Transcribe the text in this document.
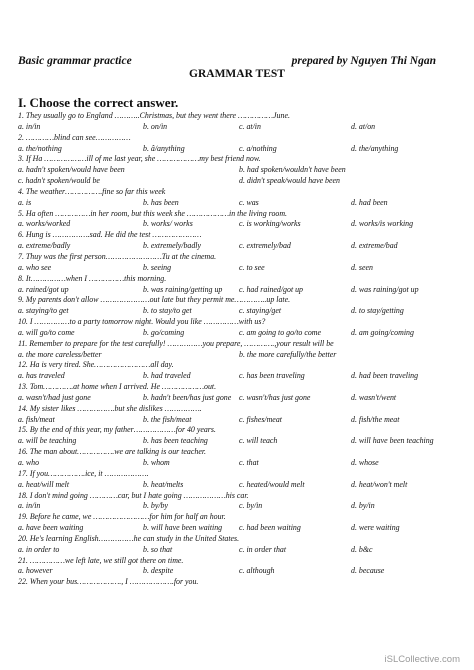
Basic grammar practice	prepared by Nguyen Thi Ngan
GRAMMAR TEST
I. Choose the correct answer.
1. They usually go to England ………..Christmas, but they went there ……………June.
a. in/in	b. on/in	c. at/in	d. at/on
2. …………blind can see……………
a. the/nothing	b. â/anything	c. a/nothing	d. the/anything
3. If Ha ………………ill of me last year, she ………………my best friend now.
a. hadn't spoken/would have been	b. had spoken/wouldn't have been
c. hadn't spoken/would be	d. didn't speak/would have been
4. The weather…………….fine so far this week
a. is	b. has been	c. was	d. had been
5. Ha often ……………in her room, but this week she ………………in the living room.
a. works/worked	b. works/ works	c. is working/works	d. works/is working
6. Hung is …………….sad. He did the test …………………
a. extreme/badly	b. extremely/badly	c. extremely/bad	d. extreme/bad
7. Thuy was the first person……………………Tu at the cinema.
a. who see	b. seeing	c. to see	d. seen
8. It……………when I ……………this morning.
a. rained/got up	b. was raining/getting up	c. had rained/got up	d. was raining/got up
9. My parents don't allow …………………out late but they permit me…………..up late.
a. staying/to get	b. to stay/to get	c. staying/get	d. to stay/getting
10. I ……………to a party tomorrow night. Would you like ……………with us?
a. will go/to come	b. go/coming	c. am going to go/to come	d. am going/coming
11. Remember to prepare for the test carefully! ……………you prepare, ………….,your result will be
a. the more careless/better	b. the more carefully/the better
12. Ha is very tired. She……………………all day.
a. has traveled	b. had traveled	c. has been traveling	d. had been traveling
13. Tom………….at home when I arrived. He ………………out.
a. wasn't/had just gone	b. hadn't been/has just gone c. wasn't/has just gone	d. wasn't/went
14. My sister likes …………….but she dislikes …………….
a. fish/meat	b. the fish/meat	c. fishes/meat	d. fish/the meat
15. By the end of this year, my father………………for 40 years.
a. will be teaching	b. has been teaching	c. will teach	d. will have been teaching
16. The man about…………….we are talking is our teacher.
a. who	b. whom	c. that	d. whose
17. If you…………….ice, it ……………….
a. heat/will melt	b. heat/melts	c. heated/would melt	d. heat/won't melt
18. I don't mind going …………car, but I hate going ………………his car.
a. in/in	b. by/by	c. by/in	d. by/in
19. Before he came, we ……………………for him for half an hour.
a. have been waiting	b. will have been waiting	c. had been waiting	d. were waiting
20. He's learning English……………he can study in the United States.
a. in order to	b. so that	c. in order that	d. b&c
21. ……………we left late, we still got there on time.
a. however	b. despite	c. although	d. because
22. When your bus………………., I ……………….for you.
iSLCollective.com
